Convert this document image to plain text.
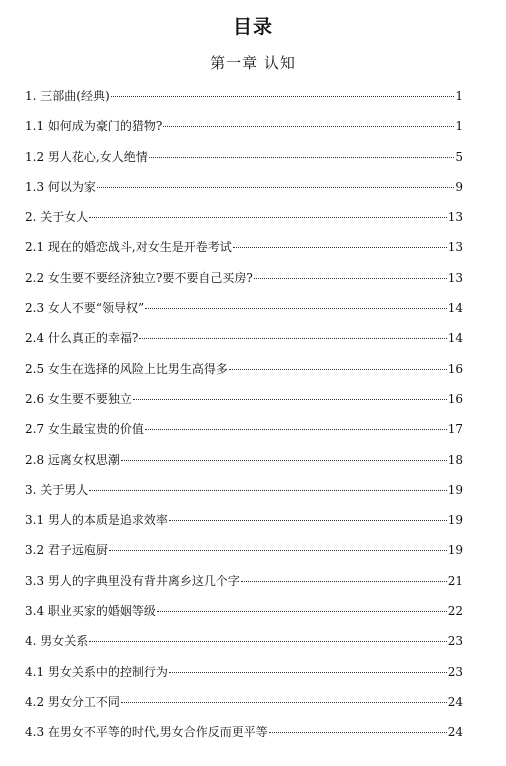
目录
第一章 认知
1. 三部曲(经典)	1
1.1 如何成为豪门的猎物?	1
1.2 男人花心,女人绝情	5
1.3 何以为家	9
2. 关于女人	13
2.1 现在的婚恋战斗,对女生是开卷考试	13
2.2 女生要不要经济独立?要不要自己买房?	13
2.3 女人不要“领导权”	14
2.4 什么真正的幸福?	14
2.5 女生在选择的风险上比男生高得多	16
2.6 女生要不要独立	16
2.7 女生最宝贵的价值	17
2.8 远离女权思潮	18
3. 关于男人	19
3.1 男人的本质是追求效率	19
3.2 君子远庖厨	19
3.3 男人的字典里没有背井离乡这几个字	21
3.4 职业买家的婚姻等级	22
4. 男女关系	23
4.1 男女关系中的控制行为	23
4.2 男女分工不同	24
4.3 在男女不平等的时代,男女合作反而更平等	24
